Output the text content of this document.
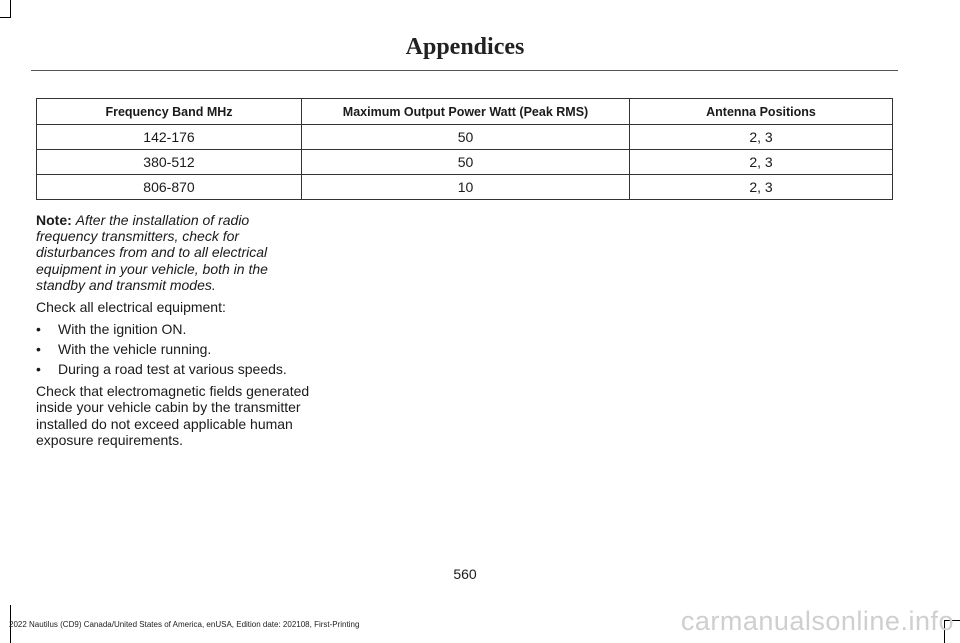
Appendices
Frequency Band MHz	Maximum Output Power Watt (Peak RMS)	Antenna Positions
142-176	50	2, 3
380-512	50	2, 3
806-870	10	2, 3

Note: After the installation of radio frequency transmitters, check for disturbances from and to all electrical equipment in your vehicle, both in the standby and transmit modes.

Check all electrical equipment:

• With the ignition ON.
• With the vehicle running.
• During a road test at various speeds.

Check that electromagnetic fields generated inside your vehicle cabin by the transmitter installed do not exceed applicable human exposure requirements.

560
2022 Nautilus (CD9) Canada/United States of America, enUSA, Edition date: 202108, First-Printing	carmanualsonline.info
